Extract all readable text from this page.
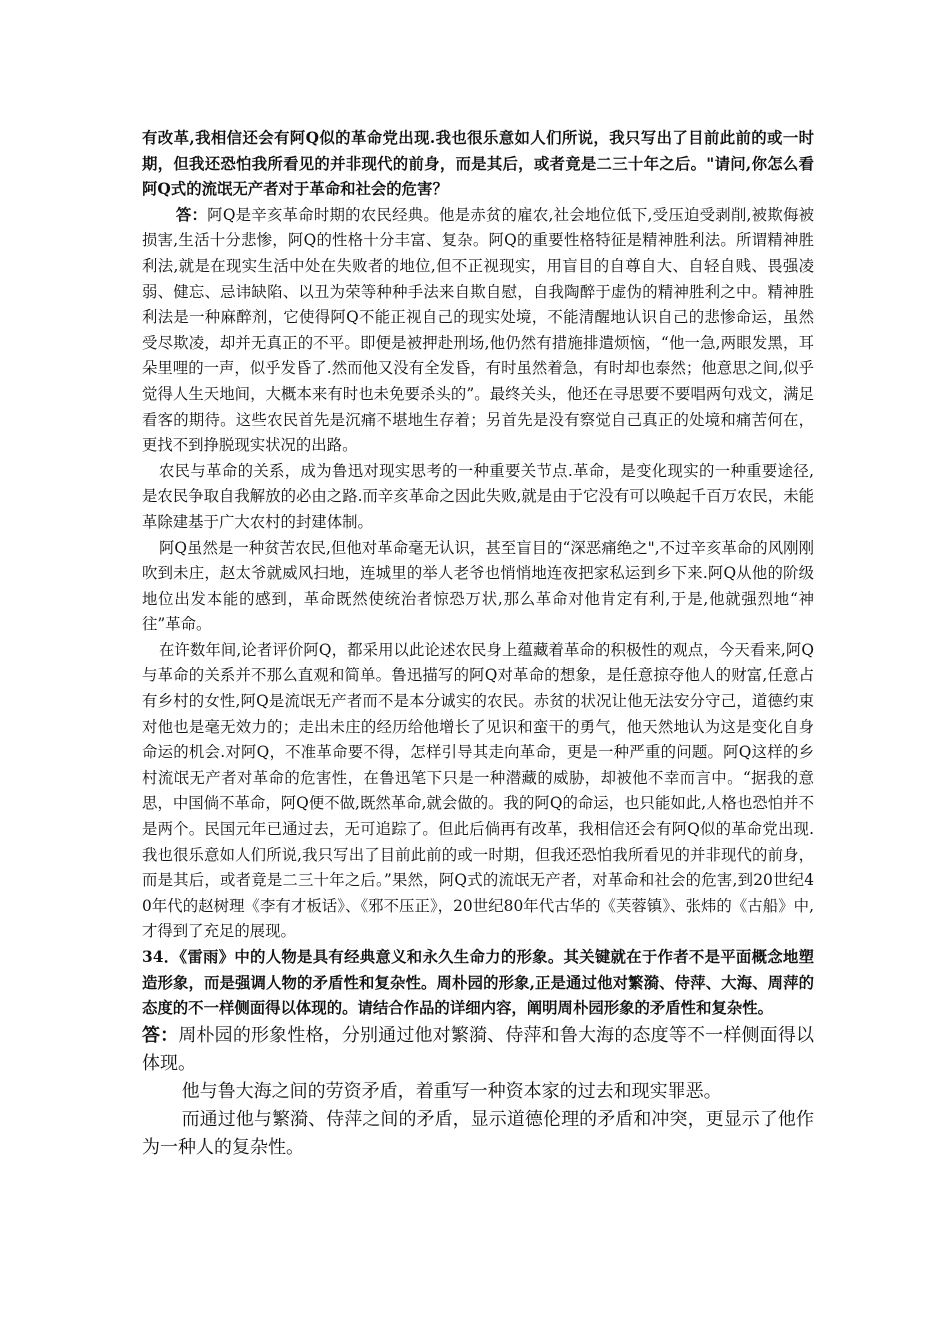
有改革,我相信还会有阿Q似的革命党出现.我也很乐意如人们所说，我只写出了目前此前的或一时期，但我还恐怕我所看见的并非现代的前身，而是其后，或者竟是二三十年之后。"请问,你怎么看阿Q式的流氓无产者对于革命和社会的危害？

答：阿Q是辛亥革命时期的农民经典。他是赤贫的雇农,社会地位低下,受压迫受剥削,被欺侮被损害,生活十分悲惨，阿Q的性格十分丰富、复杂。阿Q的重要性格特征是精神胜利法。所谓精神胜利法,就是在现实生活中处在失败者的地位,但不正视现实，用盲目的自尊自大、自轻自贱、畏强凌弱、健忘、忌讳缺陷、以丑为荣等种种手法来自欺自慰，自我陶醉于虚伪的精神胜利之中。精神胜利法是一种麻醉剂，它使得阿Q不能正视自己的现实处境，不能清醒地认识自己的悲惨命运，虽然受尽欺凌，却并无真正的不平。即便是被押赴刑场,他仍然有措施排遣烦恼，“他一急,两眼发黑，耳朵里哩的一声，似乎发昏了.然而他又没有全发昏，有时虽然着急，有时却也泰然；他意思之间,似乎觉得人生天地间，大概本来有时也未免要杀头的”。最终关头，他还在寻思要不要唱两句戏文，满足看客的期待。这些农民首先是沉痛不堪地生存着；另首先是没有察觉自己真正的处境和痛苦何在，更找不到挣脱现实状况的出路。

农民与革命的关系，成为鲁迅对现实思考的一种重要关节点.革命，是变化现实的一种重要途径,是农民争取自我解放的必由之路.而辛亥革命之因此失败,就是由于它没有可以唤起千百万农民，未能革除建基于广大农村的封建体制。

阿Q虽然是一种贫苦农民,但他对革命毫无认识，甚至盲目的“深恶痛绝之",不过辛亥革命的风刚刚吹到未庄，赵太爷就威风扫地，连城里的举人老爷也悄悄地连夜把家私运到乡下来.阿Q从他的阶级地位出发本能的感到，革命既然使统治者惊恐万状,那么革命对他肯定有利,于是,他就强烈地“神往”革命。

在许数年间,论者评价阿Q，都采用以此论述农民身上蕴藏着革命的积极性的观点，今天看来,阿Q与革命的关系并不那么直观和简单。鲁迅描写的阿Q对革命的想象，是任意掠夺他人的财富,任意占有乡村的女性,阿Q是流氓无产者而不是本分诚实的农民。赤贫的状况让他无法安分守己，道德约束对他也是毫无效力的；走出未庄的经历给他增长了见识和蛮干的勇气，他天然地认为这是变化自身命运的机会.对阿Q，不准革命要不得，怎样引导其走向革命，更是一种严重的问题。阿Q这样的乡村流氓无产者对革命的危害性，在鲁迅笔下只是一种潜藏的威胁，却被他不幸而言中。“据我的意思，中国倘不革命，阿Q便不做,既然革命,就会做的。我的阿Q的命运，也只能如此,人格也恐怕并不是两个。民国元年已通过去，无可追踪了。但此后倘再有改革，我相信还会有阿Q似的革命党出现.我也很乐意如人们所说,我只写出了目前此前的或一时期，但我还恐怕我所看见的并非现代的前身，而是其后，或者竟是二三十年之后。”果然，阿Q式的流氓无产者，对革命和社会的危害,到20世纪40年代的赵树理《李有才板话》、《邪不压正》，20世纪80年代古华的《芙蓉镇》、张炜的《古船》中,才得到了充足的展现。

34．《雷雨》中的人物是具有经典意义和永久生命力的形象。其关键就在于作者不是平面概念地塑造形象，而是强调人物的矛盾性和复杂性。周朴园的形象,正是通过他对繁漪、侍萍、大海、周萍的态度的不一样侧面得以体现的。请结合作品的详细内容，阐明周朴园形象的矛盾性和复杂性。

答：周朴园的形象性格，分别通过他对繁漪、侍萍和鲁大海的态度等不一样侧面得以体现。

他与鲁大海之间的劳资矛盾，着重写一种资本家的过去和现实罪恶。

而通过他与繁漪、侍萍之间的矛盾，显示道德伦理的矛盾和冲突，更显示了他作为一种人的复杂性。
